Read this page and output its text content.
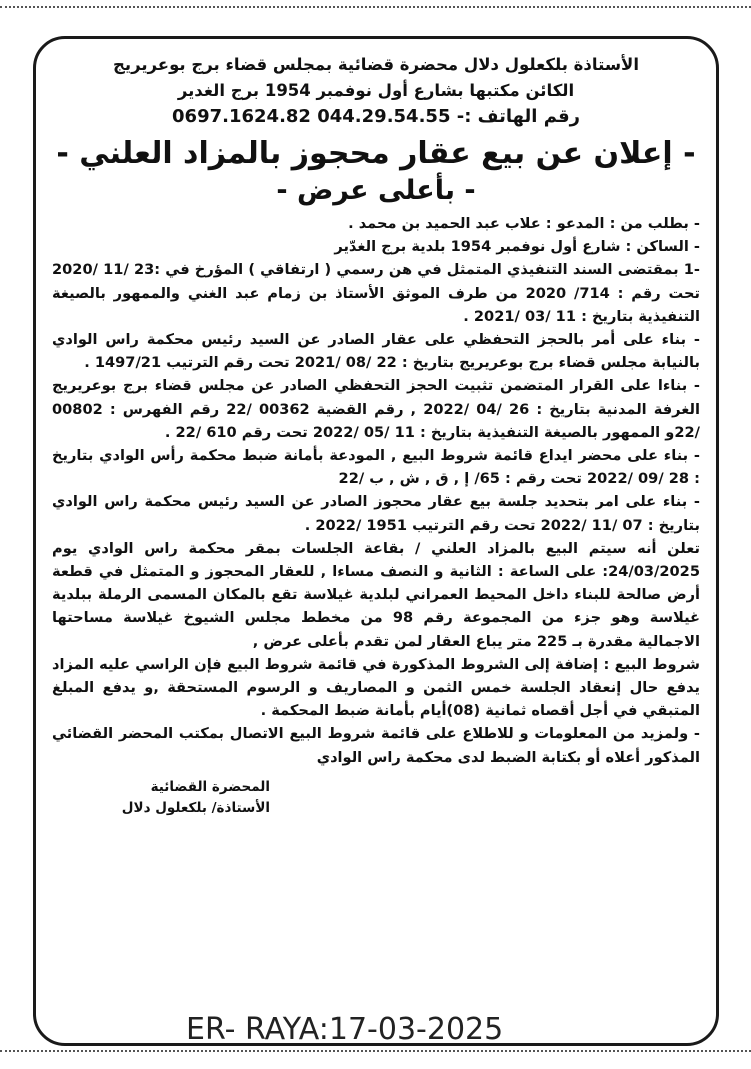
الأستاذة بلكعلول دلال محضرة قضائية بمجلس قضاء برج بوعريريج
الكائن مكتبها بشارع أول نوفمبر 1954 برج الغدير
رقم الهاتف :- 044.29.54.55 0697.1624.82
- إعلان عن بيع عقار محجوز بالمزاد العلني -
- بأعلى عرض -

- بطلب من : المدعو : علاب عبد الحميد بن محمد .

- الساكن : شارع أول نوفمبر 1954 بلدية برج الغدّير

-1 بمقتضى السند التنفيذي المتمثل في هن رسمي ( ارتفاقي ) المؤرخ في :23 /11 /2020 تحت رقم : 714/ 2020 من طرف الموثق الأستاذ بن زمام عبد الغني والممهور بالصيغة التنفيذية بتاريخ : 11 /03 /2021 .

- بناء على أمر بالحجز التحفظي على عقار الصادر عن السيد رئيس محكمة راس الوادي بالنيابة مجلس قضاء برج بوعريريج بتاريخ : 22 /08 /2021 تحت رقم الترتيب 1497/21 .

- بناءا على القرار المتضمن تثبيت الحجز التحفظي الصادر عن مجلس قضاء برج بوعريريج الغرفة المدنية بتاريخ : 26 /04 /2022 , رقم القضية 00362 /22 رقم الفهرس : 00802 /22و الممهور بالصيغة التنفيذية بتاريخ : 11 /05 /2022 تحت رقم 610 /22 .

- بناء على محضر ايداع قائمة شروط البيع , المودعة بأمانة ضبط محكمة رأس الوادي بتاريخ : 28 /09 /2022 تحت رقم : 65/ إ , ق , ش , ب /22

- بناء على امر بتحديد جلسة بيع عقار محجوز الصادر عن السيد رئيس محكمة راس الوادي بتاريخ : 07 /11 /2022 تحت رقم الترتيب 1951 /2022 .

تعلن أنه سيتم البيع بالمزاد العلني / بقاعة الجلسات بمقر محكمة راس الوادي يوم 24/03/2025: على الساعة : الثانية و النصف مساءا , للعقار المحجوز و المتمثل في قطعة أرض صالحة للبناء داخل المحيط العمراني لبلدية غيلاسة تقع بالمكان المسمى الرملة ببلدية غيلاسة وهو جزء من المجموعة رقم 98 من مخطط مجلس الشيوخ غيلاسة مساحتها الاجمالية مقدرة بـ 225 متر يباع العقار لمن تقدم بأعلى عرض ,

شروط البيع : إضافة إلى الشروط المذكورة في قائمة شروط البيع فإن الراسي عليه المزاد يدفع حال إنعقاد الجلسة خمس الثمن و المصاريف و الرسوم المستحقة ,و يدفع المبلغ المتبقي في أجل أقصاه ثمانية (08)أيام بأمانة ضبط المحكمة .

- ولمزيد من المعلومات و للاطلاع على قائمة شروط البيع الاتصال بمكتب المحضر القضائي المذكور أعلاه أو بكتابة الضبط لدى محكمة راس الوادي

المحضرة القضائية
الأستاذة/ بلكعلول دلال
ER- RAYA:17-03-2025
